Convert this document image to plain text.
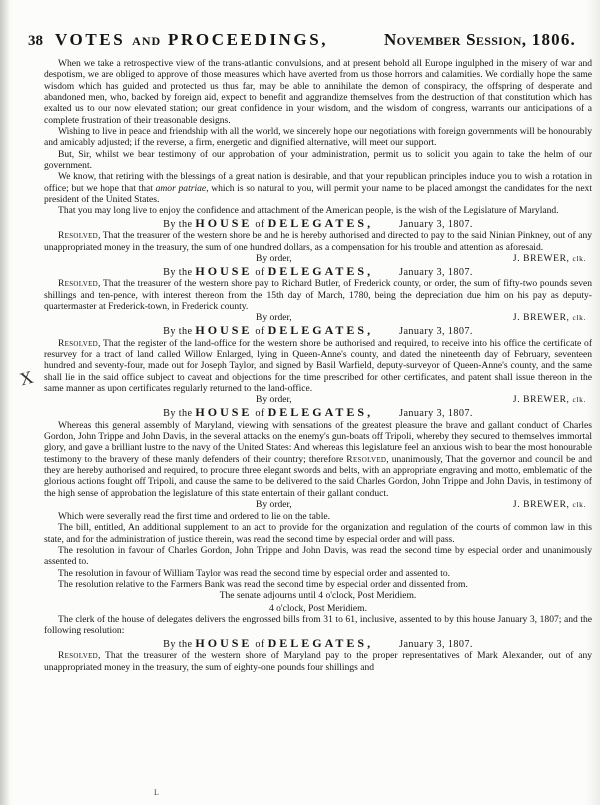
38 VOTES AND PROCEEDINGS,	November Session, 1806.
X

When we take a retrospective view of the trans-atlantic convulsions, and at present behold all Europe ingulphed in the misery of war and despotism, we are obliged to approve of those measures which have averted from us those horrors and calamities. We cordially hope the same wisdom which has guided and protected us thus far, may be able to annihilate the demon of conspiracy, the offspring of desperate and abandoned men, who, backed by foreign aid, expect to benefit and aggrandize themselves from the destruction of that constitution which has exalted us to our now elevated station; our great confidence in your wisdom, and the wisdom of congress, warrants our anticipations of a complete frustration of their treasonable designs.

Wishing to live in peace and friendship with all the world, we sincerely hope our negotiations with foreign governments will be honourably and amicably adjusted; if the reverse, a firm, energetic and dignified alternative, will meet our support.

But, Sir, whilst we bear testimony of our approbation of your administration, permit us to solicit you again to take the helm of our government.

We know, that retiring with the blessings of a great nation is desirable, and that your republican principles induce you to wish a rotation in office; but we hope that that amor patriae, which is so natural to you, will permit your name to be placed amongst the candidates for the next president of the United States.

That you may long live to enjoy the confidence and attachment of the American people, is the wish of the Legislature of Maryland.

By the HOUSE of DELEGATES,	January 3, 1807.

Resolved, That the treasurer of the western shore be and he is hereby authorised and directed to pay to the said Ninian Pinkney, out of any unappropriated money in the treasury, the sum of one hundred dollars, as a compensation for his trouble and attention as aforesaid.

By order,	J. BREWER, clk.

By the HOUSE of DELEGATES,	January 3, 1807.

Resolved, That the treasurer of the western shore pay to Richard Butler, of Frederick county, or order, the sum of fifty-two pounds seven shillings and ten-pence, with interest thereon from the 15th day of March, 1780, being the depreciation due him on his pay as deputy-quartermaster at Frederick-town, in Frederick county.

By order,	J. BREWER, clk.

By the HOUSE of DELEGATES,	January 3, 1807.

Resolved, That the register of the land-office for the western shore be authorised and required, to receive into his office the certificate of resurvey for a tract of land called Willow Enlarged, lying in Queen-Anne's county, and dated the nineteenth day of February, seventeen hundred and seventy-four, made out for Joseph Taylor, and signed by Basil Warfield, deputy-surveyor of Queen-Anne's county, and the same shall lie in the said office subject to caveat and objections for the time prescribed for other certificates, and patent shall issue thereon in the same manner as upon certificates regularly returned to the land-office.

By order,	J. BREWER, clk.

By the HOUSE of DELEGATES,	January 3, 1807.

Whereas this general assembly of Maryland, viewing with sensations of the greatest pleasure the brave and gallant conduct of Charles Gordon, John Trippe and John Davis, in the several attacks on the enemy's gun-boats off Tripoli, whereby they secured to themselves immortal glory, and gave a brilliant lustre to the navy of the United States: And whereas this legislature feel an anxious wish to bear the most honourable testimony to the bravery of these manly defenders of their country; therefore Resolved, unanimously, That the governor and council be and they are hereby authorised and required, to procure three elegant swords and belts, with an appropriate engraving and motto, emblematic of the glorious actions fought off Tripoli, and cause the same to be delivered to the said Charles Gordon, John Trippe and John Davis, in testimony of the high sense of approbation the legislature of this state entertain of their gallant conduct.

By order,	J. BREWER, clk.

Which were severally read the first time and ordered to lie on the table.

The bill, entitled, An additional supplement to an act to provide for the organization and regulation of the courts of common law in this state, and for the administration of justice therein, was read the second time by especial order and will pass.

The resolution in favour of Charles Gordon, John Trippe and John Davis, was read the second time by especial order and unanimously assented to.

The resolution in favour of William Taylor was read the second time by especial order and assented to.

The resolution relative to the Farmers Bank was read the second time by especial order and dissented from.

The senate adjourns until 4 o'clock, Post Meridiem.

4 o'clock, Post Meridiem.

The clerk of the house of delegates delivers the engrossed bills from 31 to 61, inclusive, assented to by this house January 3, 1807; and the following resolution:

By the HOUSE of DELEGATES,	January 3, 1807.

Resolved, That the treasurer of the western shore of Maryland pay to the proper representatives of Mark Alexander, out of any unappropriated money in the treasury, the sum of eighty-one pounds four shillings and

L
